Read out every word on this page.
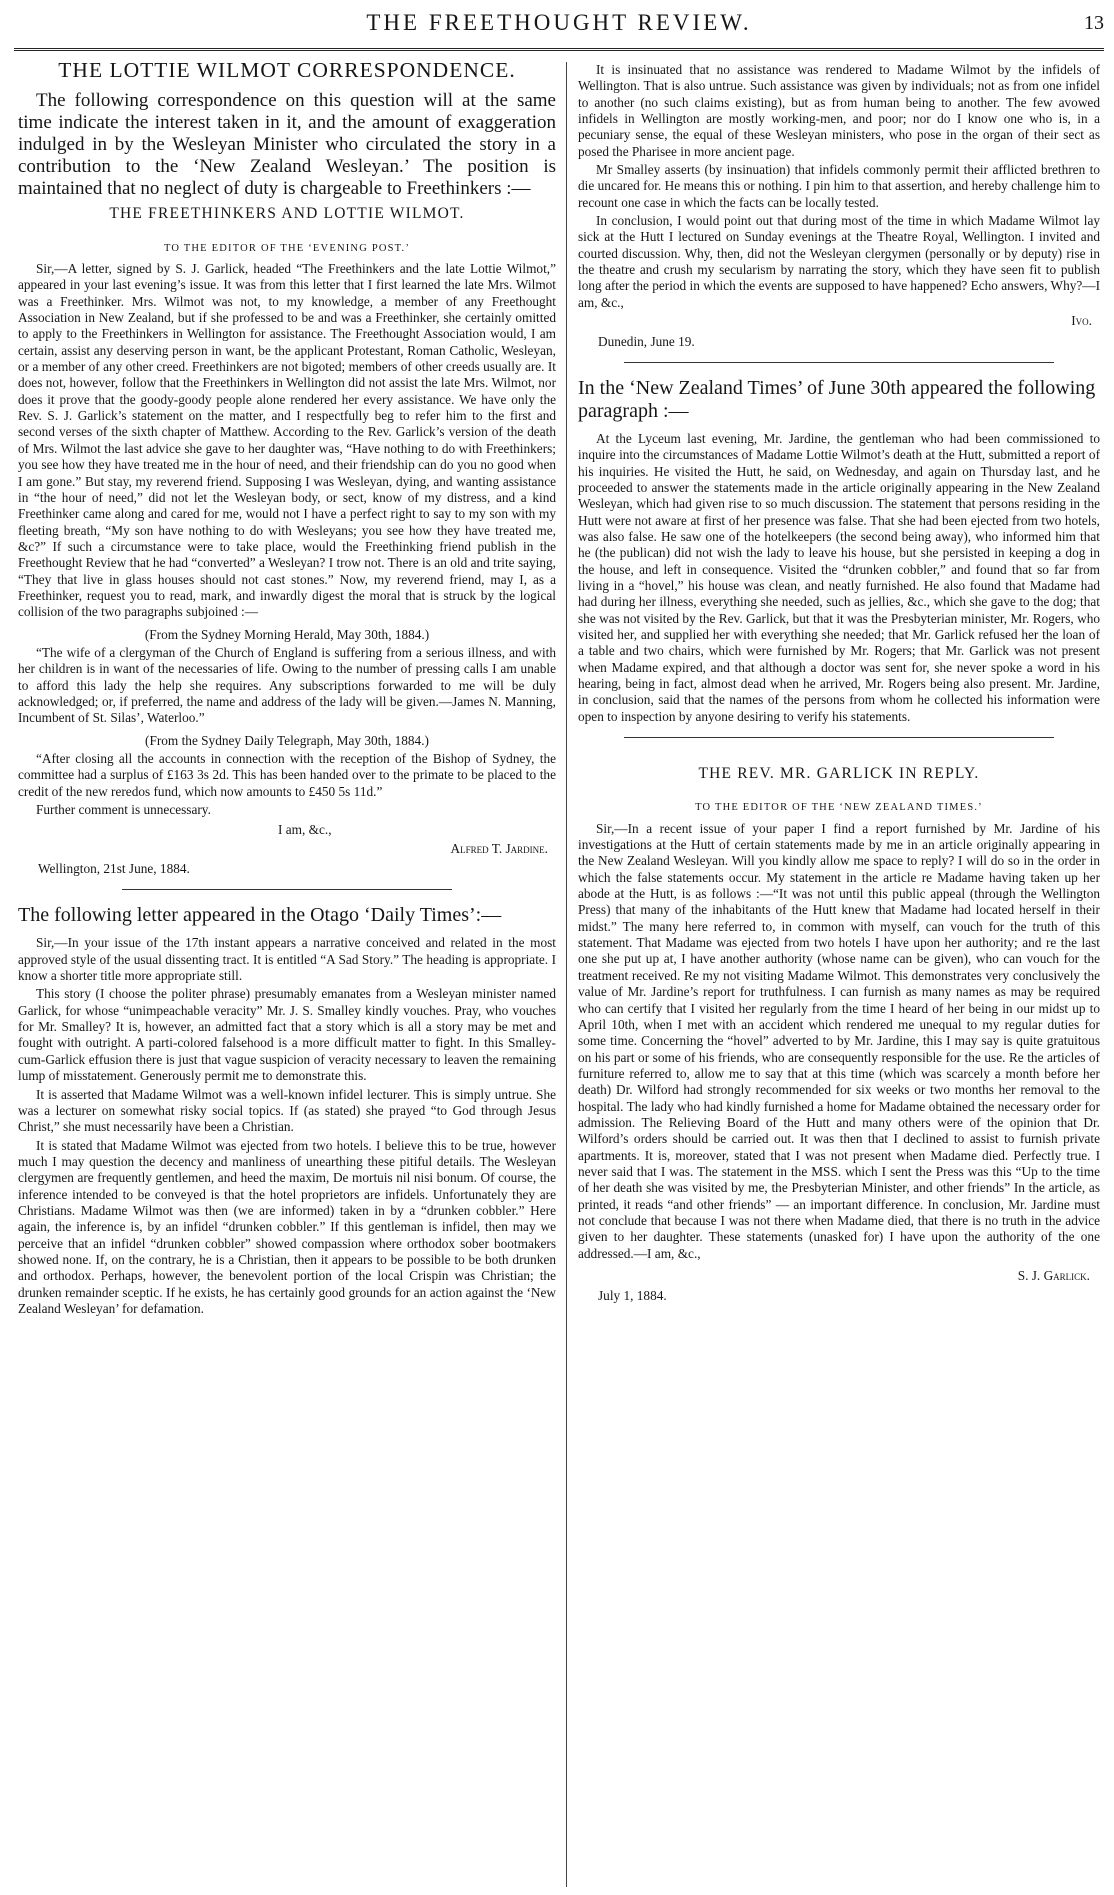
THE FREETHOUGHT REVIEW.	13
THE LOTTIE WILMOT CORRESPONDENCE.

The following correspondence on this question will at the same time indicate the interest taken in it, and the amount of exaggeration indulged in by the Wesleyan Minister who circulated the story in a contribution to the ‘New Zealand Wesleyan.’ The position is maintained that no neglect of duty is chargeable to Freethinkers :—

THE FREETHINKERS AND LOTTIE WILMOT.
TO THE EDITOR OF THE ‘EVENING POST.’

Sir,—A letter, signed by S. J. Garlick, headed “The Freethinkers and the late Lottie Wilmot,” appeared in your last evening’s issue. It was from this letter that I first learned the late Mrs. Wilmot was a Freethinker. Mrs. Wilmot was not, to my knowledge, a member of any Freethought Association in New Zealand, but if she professed to be and was a Freethinker, she certainly omitted to apply to the Freethinkers in Wellington for assistance. The Freethought Association would, I am certain, assist any deserving person in want, be the applicant Protestant, Roman Catholic, Wesleyan, or a member of any other creed. Freethinkers are not bigoted; members of other creeds usually are. It does not, however, follow that the Freethinkers in Wellington did not assist the late Mrs. Wilmot, nor does it prove that the goody-goody people alone rendered her every assistance. We have only the Rev. S. J. Garlick’s statement on the matter, and I respectfully beg to refer him to the first and second verses of the sixth chapter of Matthew. According to the Rev. Garlick’s version of the death of Mrs. Wilmot the last advice she gave to her daughter was, “Have nothing to do with Freethinkers; you see how they have treated me in the hour of need, and their friendship can do you no good when I am gone.” But stay, my reverend friend. Supposing I was Wesleyan, dying, and wanting assistance in “the hour of need,” did not let the Wesleyan body, or sect, know of my distress, and a kind Freethinker came along and cared for me, would not I have a perfect right to say to my son with my fleeting breath, “My son have nothing to do with Wesleyans; you see how they have treated me, &c?” If such a circumstance were to take place, would the Freethinking friend publish in the Freethought Review that he had “converted” a Wesleyan? I trow not. There is an old and trite saying, “They that live in glass houses should not cast stones.” Now, my reverend friend, may I, as a Freethinker, request you to read, mark, and inwardly digest the moral that is struck by the logical collision of the two paragraphs subjoined :—

(From the Sydney Morning Herald, May 30th, 1884.)

“The wife of a clergyman of the Church of England is suffering from a serious illness, and with her children is in want of the necessaries of life. Owing to the number of pressing calls I am unable to afford this lady the help she requires. Any subscriptions forwarded to me will be duly acknowledged; or, if preferred, the name and address of the lady will be given.—James N. Manning, Incumbent of St. Silas’, Waterloo.”

(From the Sydney Daily Telegraph, May 30th, 1884.)

“After closing all the accounts in connection with the reception of the Bishop of Sydney, the committee had a surplus of £163 3s 2d. This has been handed over to the primate to be placed to the credit of the new reredos fund, which now amounts to £450 5s 11d.”

Further comment is unnecessary.

I am, &c.,

Alfred T. Jardine.

Wellington, 21st June, 1884.

The following letter appeared in the Otago ‘Daily Times’:—

Sir,—In your issue of the 17th instant appears a narrative conceived and related in the most approved style of the usual dissenting tract. It is entitled “A Sad Story.” The heading is appropriate. I know a shorter title more appropriate still.

This story (I choose the politer phrase) presumably emanates from a Wesleyan minister named Garlick, for whose “unimpeachable veracity” Mr. J. S. Smalley kindly vouches. Pray, who vouches for Mr. Smalley? It is, however, an admitted fact that a story which is all a story may be met and fought with outright. A parti-colored falsehood is a more difficult matter to fight. In this Smalley-cum-Garlick effusion there is just that vague suspicion of veracity necessary to leaven the remaining lump of misstatement. Generously permit me to demonstrate this.

It is asserted that Madame Wilmot was a well-known infidel lecturer. This is simply untrue. She was a lecturer on somewhat risky social topics. If (as stated) she prayed “to God through Jesus Christ,” she must necessarily have been a Christian.

It is stated that Madame Wilmot was ejected from two hotels. I believe this to be true, however much I may question the decency and manliness of unearthing these pitiful details. The Wesleyan clergymen are frequently gentlemen, and heed the maxim, De mortuis nil nisi bonum. Of course, the inference intended to be conveyed is that the hotel proprietors are infidels. Unfortunately they are Christians. Madame Wilmot was then (we are informed) taken in by a “drunken cobbler.” Here again, the inference is, by an infidel “drunken cobbler.” If this gentleman is infidel, then may we perceive that an infidel “drunken cobbler” showed compassion where orthodox sober bootmakers showed none. If, on the contrary, he is a Christian, then it appears to be possible to be both drunken and orthodox. Perhaps, however, the benevolent portion of the local Crispin was Christian; the drunken remainder sceptic. If he exists, he has certainly good grounds for an action against the ‘New Zealand Wesleyan’ for defamation.

It is insinuated that no assistance was rendered to Madame Wilmot by the infidels of Wellington. That is also untrue. Such assistance was given by individuals; not as from one infidel to another (no such claims existing), but as from human being to another. The few avowed infidels in Wellington are mostly working-men, and poor; nor do I know one who is, in a pecuniary sense, the equal of these Wesleyan ministers, who pose in the organ of their sect as posed the Pharisee in more ancient page.

Mr Smalley asserts (by insinuation) that infidels commonly permit their afflicted brethren to die uncared for. He means this or nothing. I pin him to that assertion, and hereby challenge him to recount one case in which the facts can be locally tested.

In conclusion, I would point out that during most of the time in which Madame Wilmot lay sick at the Hutt I lectured on Sunday evenings at the Theatre Royal, Wellington. I invited and courted discussion. Why, then, did not the Wesleyan clergymen (personally or by deputy) rise in the theatre and crush my secularism by narrating the story, which they have seen fit to publish long after the period in which the events are supposed to have happened? Echo answers, Why?—I am, &c.,

Ivo.

Dunedin, June 19.

In the ‘New Zealand Times’ of June 30th appeared the following paragraph :—

At the Lyceum last evening, Mr. Jardine, the gentleman who had been commissioned to inquire into the circumstances of Madame Lottie Wilmot’s death at the Hutt, submitted a report of his inquiries. He visited the Hutt, he said, on Wednesday, and again on Thursday last, and he proceeded to answer the statements made in the article originally appearing in the New Zealand Wesleyan, which had given rise to so much discussion. The statement that persons residing in the Hutt were not aware at first of her presence was false. That she had been ejected from two hotels, was also false. He saw one of the hotelkeepers (the second being away), who informed him that he (the publican) did not wish the lady to leave his house, but she persisted in keeping a dog in the house, and left in consequence. Visited the “drunken cobbler,” and found that so far from living in a “hovel,” his house was clean, and neatly furnished. He also found that Madame had had during her illness, everything she needed, such as jellies, &c., which she gave to the dog; that she was not visited by the Rev. Garlick, but that it was the Presbyterian minister, Mr. Rogers, who visited her, and supplied her with everything she needed; that Mr. Garlick refused her the loan of a table and two chairs, which were furnished by Mr. Rogers; that Mr. Garlick was not present when Madame expired, and that although a doctor was sent for, she never spoke a word in his hearing, being in fact, almost dead when he arrived, Mr. Rogers being also present. Mr. Jardine, in conclusion, said that the names of the persons from whom he collected his information were open to inspection by anyone desiring to verify his statements.

THE REV. MR. GARLICK IN REPLY.
TO THE EDITOR OF THE ‘NEW ZEALAND TIMES.’

Sir,—In a recent issue of your paper I find a report furnished by Mr. Jardine of his investigations at the Hutt of certain statements made by me in an article originally appearing in the New Zealand Wesleyan. Will you kindly allow me space to reply? I will do so in the order in which the false statements occur. My statement in the article re Madame having taken up her abode at the Hutt, is as follows :—“It was not until this public appeal (through the Wellington Press) that many of the inhabitants of the Hutt knew that Madame had located herself in their midst.” The many here referred to, in common with myself, can vouch for the truth of this statement. That Madame was ejected from two hotels I have upon her authority; and re the last one she put up at, I have another authority (whose name can be given), who can vouch for the treatment received. Re my not visiting Madame Wilmot. This demonstrates very conclusively the value of Mr. Jardine’s report for truthfulness. I can furnish as many names as may be required who can certify that I visited her regularly from the time I heard of her being in our midst up to April 10th, when I met with an accident which rendered me unequal to my regular duties for some time. Concerning the “hovel” adverted to by Mr. Jardine, this I may say is quite gratuitous on his part or some of his friends, who are consequently responsible for the use. Re the articles of furniture referred to, allow me to say that at this time (which was scarcely a month before her death) Dr. Wilford had strongly recommended for six weeks or two months her removal to the hospital. The lady who had kindly furnished a home for Madame obtained the necessary order for admission. The Relieving Board of the Hutt and many others were of the opinion that Dr. Wilford’s orders should be carried out. It was then that I declined to assist to furnish private apartments. It is, moreover, stated that I was not present when Madame died. Perfectly true. I never said that I was. The statement in the MSS. which I sent the Press was this “Up to the time of her death she was visited by me, the Presbyterian Minister, and other friends” In the article, as printed, it reads “and other friends” — an important difference. In conclusion, Mr. Jardine must not conclude that because I was not there when Madame died, that there is no truth in the advice given to her daughter. These statements (unasked for) I have upon the authority of the one addressed.—I am, &c.,

S. J. Garlick.

July 1, 1884.
